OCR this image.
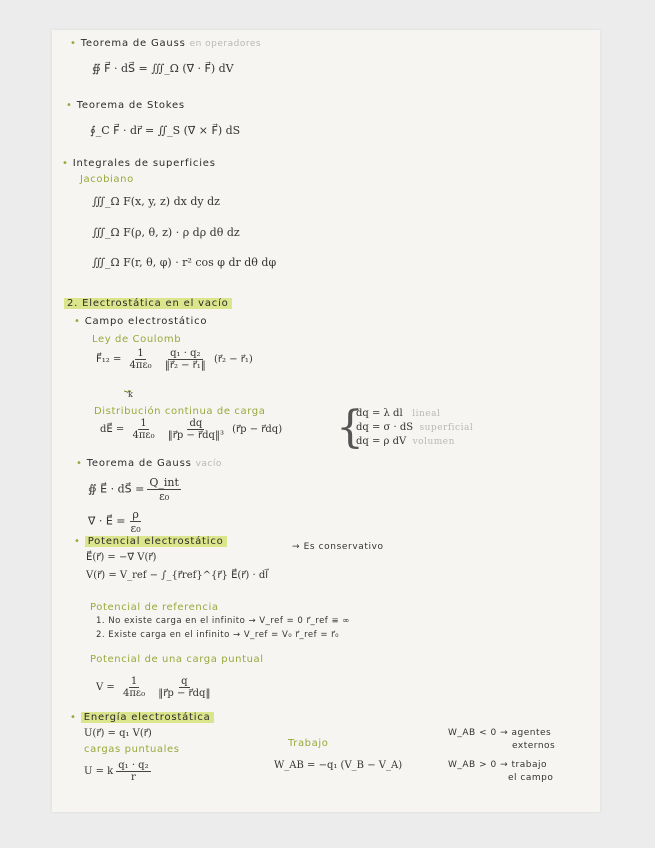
• Teorema de Gauss en operadores
∯ F⃗ · dS⃗ = ∭_Ω (∇⃗ · F⃗) dV
• Teorema de Stokes
∮_C F⃗ · dr⃗ = ∬_S (∇⃗ × F⃗) dS
• Integrales de superficies
Jacobiano
∭_Ω F(x, y, z) dx dy dz
∭_Ω F(ρ, θ, z) · ρ dρ dθ dz
∭_Ω F(r, θ, φ) · r² cos φ dr dθ dφ
2. Electrostática en el vacío
• Campo electrostático
Ley de Coulomb
F⃗₁₂ = $\frac{1}{\text{4πε₀}}$
$\frac{\text{q₁ · q₂}}{\text{‖r⃗₂ − r⃗₁‖}}$ (r⃗₂ − r⃗₁)
⏟
k
Distribución continua de carga
dE⃗ = $\frac{1}{\text{4πε₀}}$
$\frac{dq}{\text{‖r⃗p − r⃗dq‖³}}$ (r⃗p − r⃗dq) {
dq = λ dl lineal
dq = σ · dS superficial
dq = ρ dV volumen
• Teorema de Gauss vacío
∯ E⃗ · dS⃗ = $\frac{\text{Q\_int}}{\text{ε₀}}$
∇⃗ · E⃗ = $\frac{\rho}{\text{ε₀}}$
• Potencial electrostático
E⃗(r⃗) = −∇⃗ V(r⃗)
V(r⃗) = V_ref − ∫_{r⃗ref}^{r⃗} E⃗(r⃗) · dl⃗
→ Es conservativo
Potencial de referencia
1. No existe carga en el infinito → V_ref = 0 r⃗_ref ≡ ∞
2. Existe carga en el infinito → V_ref = V₀ r⃗_ref = r⃗₀
Potencial de una carga puntual
$V = \frac{1}{\text{4πε₀}}$
$\frac{q}{‖r⃗p - r⃗dq‖}$
• Energía electrostática
U(r⃗) = q₁ V(r⃗)
cargas puntuales
U = k $\frac{\text{q₁ · q₂}}{r}$
Trabajo
W_AB = −q₁ (V_B − V_A)
W_AB < 0 → agentes
externos
W_AB > 0 → trabajo
el campo
